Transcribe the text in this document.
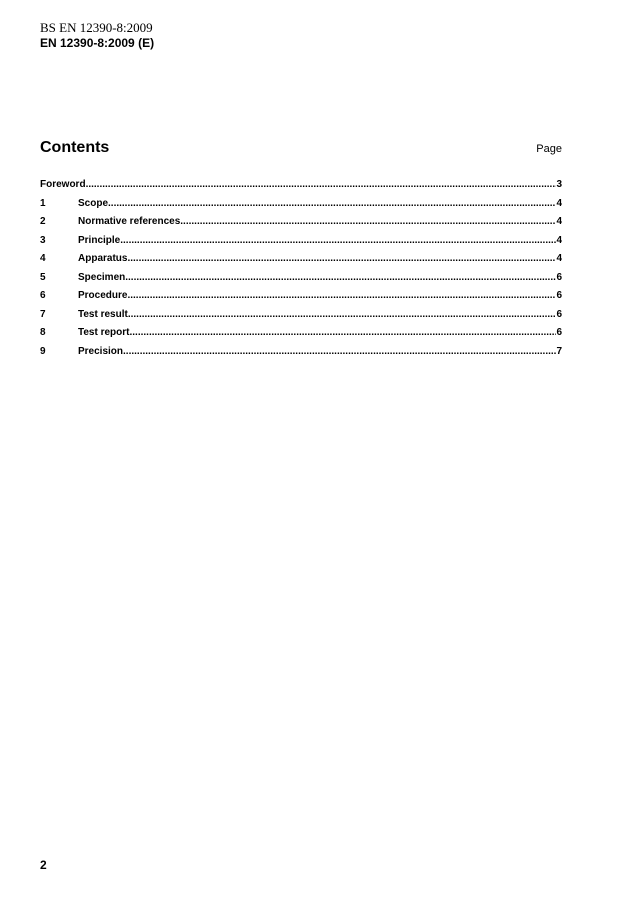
BS EN 12390-8:2009
EN 12390-8:2009 (E)
Contents	Page
Foreword .....	3
1	Scope .....	4
2	Normative references .....	4
3	Principle .....	4
4	Apparatus .....	4
5	Specimen .....	6
6	Procedure .....	6
7	Test result .....	6
8	Test report .....	6
9	Precision .....	7
2
